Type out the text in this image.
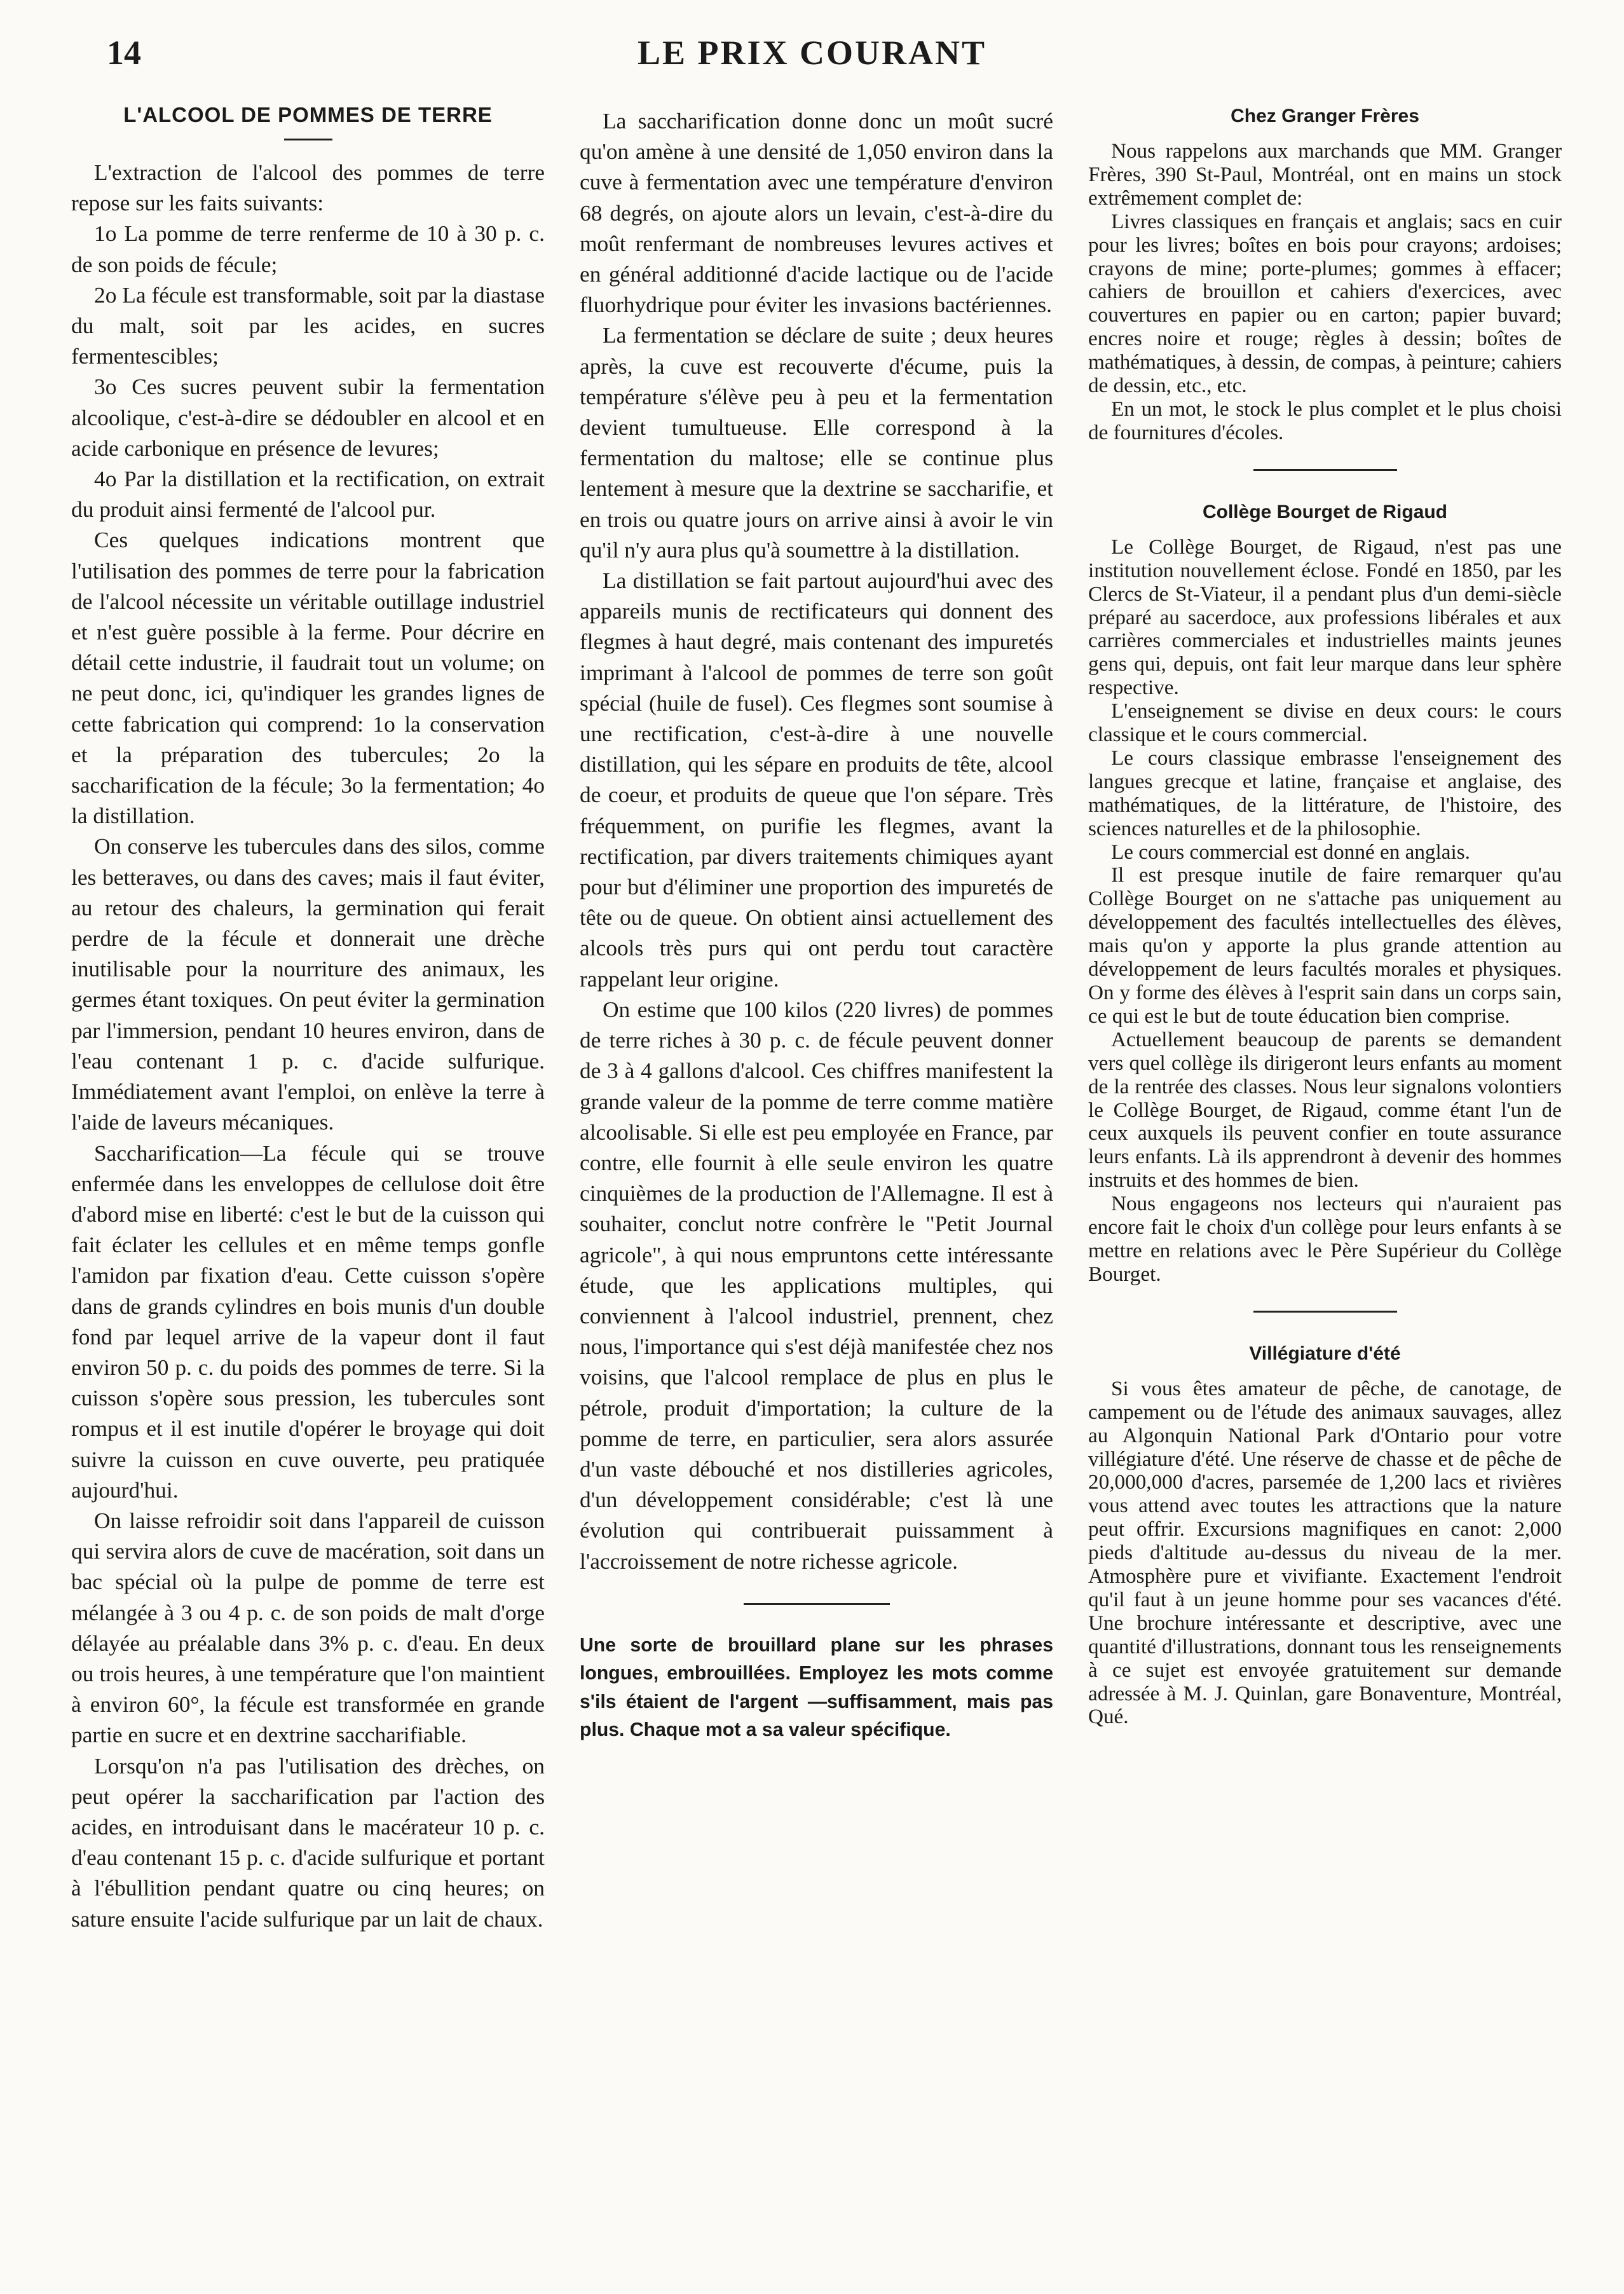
14	LE PRIX COURANT
L'ALCOOL DE POMMES DE TERRE

L'extraction de l'alcool des pommes de terre repose sur les faits suivants:

1o La pomme de terre renferme de 10 à 30 p. c. de son poids de fécule;

2o La fécule est transformable, soit par la diastase du malt, soit par les acides, en sucres fermentescibles;

3o Ces sucres peuvent subir la fermentation alcoolique, c'est-à-dire se dédoubler en alcool et en acide carbonique en présence de levures;

4o Par la distillation et la rectification, on extrait du produit ainsi fermenté de l'alcool pur.

Ces quelques indications montrent que l'utilisation des pommes de terre pour la fabrication de l'alcool nécessite un véritable outillage industriel et n'est guère possible à la ferme. Pour décrire en détail cette industrie, il faudrait tout un volume; on ne peut donc, ici, qu'indiquer les grandes lignes de cette fabrication qui comprend: 1o la conservation et la préparation des tubercules; 2o la saccharification de la fécule; 3o la fermentation; 4o la distillation.

On conserve les tubercules dans des silos, comme les betteraves, ou dans des caves; mais il faut éviter, au retour des chaleurs, la germination qui ferait perdre de la fécule et donnerait une drèche inutilisable pour la nourriture des animaux, les germes étant toxiques. On peut éviter la germination par l'immersion, pendant 10 heures environ, dans de l'eau contenant 1 p. c. d'acide sulfurique. Immédiatement avant l'emploi, on enlève la terre à l'aide de laveurs mécaniques.

Saccharification—La fécule qui se trouve enfermée dans les enveloppes de cellulose doit être d'abord mise en liberté: c'est le but de la cuisson qui fait éclater les cellules et en même temps gonfle l'amidon par fixation d'eau. Cette cuisson s'opère dans de grands cylindres en bois munis d'un double fond par lequel arrive de la vapeur dont il faut environ 50 p. c. du poids des pommes de terre. Si la cuisson s'opère sous pression, les tubercules sont rompus et il est inutile d'opérer le broyage qui doit suivre la cuisson en cuve ouverte, peu pratiquée aujourd'hui.

On laisse refroidir soit dans l'appareil de cuisson qui servira alors de cuve de macération, soit dans un bac spécial où la pulpe de pomme de terre est mélangée à 3 ou 4 p. c. de son poids de malt d'orge délayée au préalable dans 3% p. c. d'eau. En deux ou trois heures, à une température que l'on maintient à environ 60°, la fécule est transformée en grande partie en sucre et en dextrine saccharifiable.

Lorsqu'on n'a pas l'utilisation des drèches, on peut opérer la saccharification par l'action des acides, en introduisant dans le macérateur 10 p. c. d'eau contenant 15 p. c. d'acide sulfurique et portant à l'ébullition pendant quatre ou cinq heures; on sature ensuite l'acide sulfurique par un lait de chaux.

La saccharification donne donc un moût sucré qu'on amène à une densité de 1,050 environ dans la cuve à fermentation avec une température d'environ 68 degrés, on ajoute alors un levain, c'est-à-dire du moût renfermant de nombreuses levures actives et en général additionné d'acide lactique ou de l'acide fluorhydrique pour éviter les invasions bactériennes.

La fermentation se déclare de suite ; deux heures après, la cuve est recouverte d'écume, puis la température s'élève peu à peu et la fermentation devient tumultueuse. Elle correspond à la fermentation du maltose; elle se continue plus lentement à mesure que la dextrine se saccharifie, et en trois ou quatre jours on arrive ainsi à avoir le vin qu'il n'y aura plus qu'à soumettre à la distillation.

La distillation se fait partout aujourd'hui avec des appareils munis de rectificateurs qui donnent des flegmes à haut degré, mais contenant des impuretés imprimant à l'alcool de pommes de terre son goût spécial (huile de fusel). Ces flegmes sont soumise à une rectification, c'est-à-dire à une nouvelle distillation, qui les sépare en produits de tête, alcool de coeur, et produits de queue que l'on sépare. Très fréquemment, on purifie les flegmes, avant la rectification, par divers traitements chimiques ayant pour but d'éliminer une proportion des impuretés de tête ou de queue. On obtient ainsi actuellement des alcools très purs qui ont perdu tout caractère rappelant leur origine.

On estime que 100 kilos (220 livres) de pommes de terre riches à 30 p. c. de fécule peuvent donner de 3 à 4 gallons d'alcool. Ces chiffres manifestent la grande valeur de la pomme de terre comme matière alcoolisable. Si elle est peu employée en France, par contre, elle fournit à elle seule environ les quatre cinquièmes de la production de l'Allemagne. Il est à souhaiter, conclut notre confrère le "Petit Journal agricole", à qui nous empruntons cette intéressante étude, que les applications multiples, qui conviennent à l'alcool industriel, prennent, chez nous, l'importance qui s'est déjà manifestée chez nos voisins, que l'alcool remplace de plus en plus le pétrole, produit d'importation; la culture de la pomme de terre, en particulier, sera alors assurée d'un vaste débouché et nos distilleries agricoles, d'un développement considérable; c'est là une évolution qui contribuerait puissamment à l'accroissement de notre richesse agricole.

Une sorte de brouillard plane sur les phrases longues, embrouillées. Employez les mots comme s'ils étaient de l'argent —suffisamment, mais pas plus. Chaque mot a sa valeur spécifique.

Chez Granger Frères

Nous rappelons aux marchands que MM. Granger Frères, 390 St-Paul, Montréal, ont en mains un stock extrêmement complet de:

Livres classiques en français et anglais; sacs en cuir pour les livres; boîtes en bois pour crayons; ardoises; crayons de mine; porte-plumes; gommes à effacer; cahiers de brouillon et cahiers d'exercices, avec couvertures en papier ou en carton; papier buvard; encres noire et rouge; règles à dessin; boîtes de mathématiques, à dessin, de compas, à peinture; cahiers de dessin, etc., etc.

En un mot, le stock le plus complet et le plus choisi de fournitures d'écoles.

Collège Bourget de Rigaud

Le Collège Bourget, de Rigaud, n'est pas une institution nouvellement éclose. Fondé en 1850, par les Clercs de St-Viateur, il a pendant plus d'un demi-siècle préparé au sacerdoce, aux professions libérales et aux carrières commerciales et industrielles maints jeunes gens qui, depuis, ont fait leur marque dans leur sphère respective.

L'enseignement se divise en deux cours: le cours classique et le cours commercial.

Le cours classique embrasse l'enseignement des langues grecque et latine, française et anglaise, des mathématiques, de la littérature, de l'histoire, des sciences naturelles et de la philosophie.

Le cours commercial est donné en anglais.

Il est presque inutile de faire remarquer qu'au Collège Bourget on ne s'attache pas uniquement au développement des facultés intellectuelles des élèves, mais qu'on y apporte la plus grande attention au développement de leurs facultés morales et physiques. On y forme des élèves à l'esprit sain dans un corps sain, ce qui est le but de toute éducation bien comprise.

Actuellement beaucoup de parents se demandent vers quel collège ils dirigeront leurs enfants au moment de la rentrée des classes. Nous leur signalons volontiers le Collège Bourget, de Rigaud, comme étant l'un de ceux auxquels ils peuvent confier en toute assurance leurs enfants. Là ils apprendront à devenir des hommes instruits et des hommes de bien.

Nous engageons nos lecteurs qui n'auraient pas encore fait le choix d'un collège pour leurs enfants à se mettre en relations avec le Père Supérieur du Collège Bourget.

Villégiature d'été

Si vous êtes amateur de pêche, de canotage, de campement ou de l'étude des animaux sauvages, allez au Algonquin National Park d'Ontario pour votre villégiature d'été. Une réserve de chasse et de pêche de 20,000,000 d'acres, parsemée de 1,200 lacs et rivières vous attend avec toutes les attractions que la nature peut offrir. Excursions magnifiques en canot: 2,000 pieds d'altitude au-dessus du niveau de la mer. Atmosphère pure et vivifiante. Exactement l'endroit qu'il faut à un jeune homme pour ses vacances d'été. Une brochure intéressante et descriptive, avec une quantité d'illustrations, donnant tous les renseignements à ce sujet est envoyée gratuitement sur demande adressée à M. J. Quinlan, gare Bonaventure, Montréal, Qué.
